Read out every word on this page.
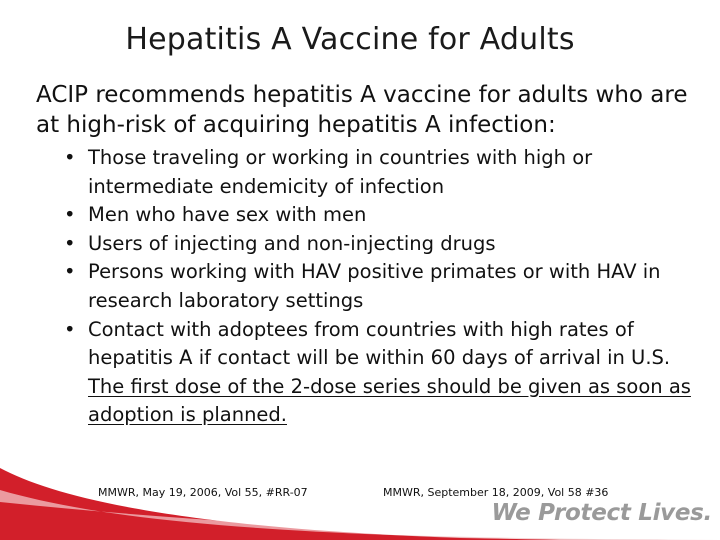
Hepatitis A Vaccine for Adults
ACIP recommends hepatitis A vaccine for adults who are at high-risk of acquiring hepatitis A infection:
• Those traveling or working in countries with high or intermediate endemicity of infection
• Men who have sex with men
• Users of injecting and non-injecting drugs
• Persons working with HAV positive primates or with HAV in research laboratory settings
• Contact with adoptees from countries with high rates of hepatitis A if contact will be within 60 days of arrival in U.S. The first dose of the 2-dose series should be given as soon as adoption is planned.
MMWR, May 19, 2006, Vol 55, #RR-07	MMWR, September 18, 2009, Vol 58 #36
We Protect Lives.
